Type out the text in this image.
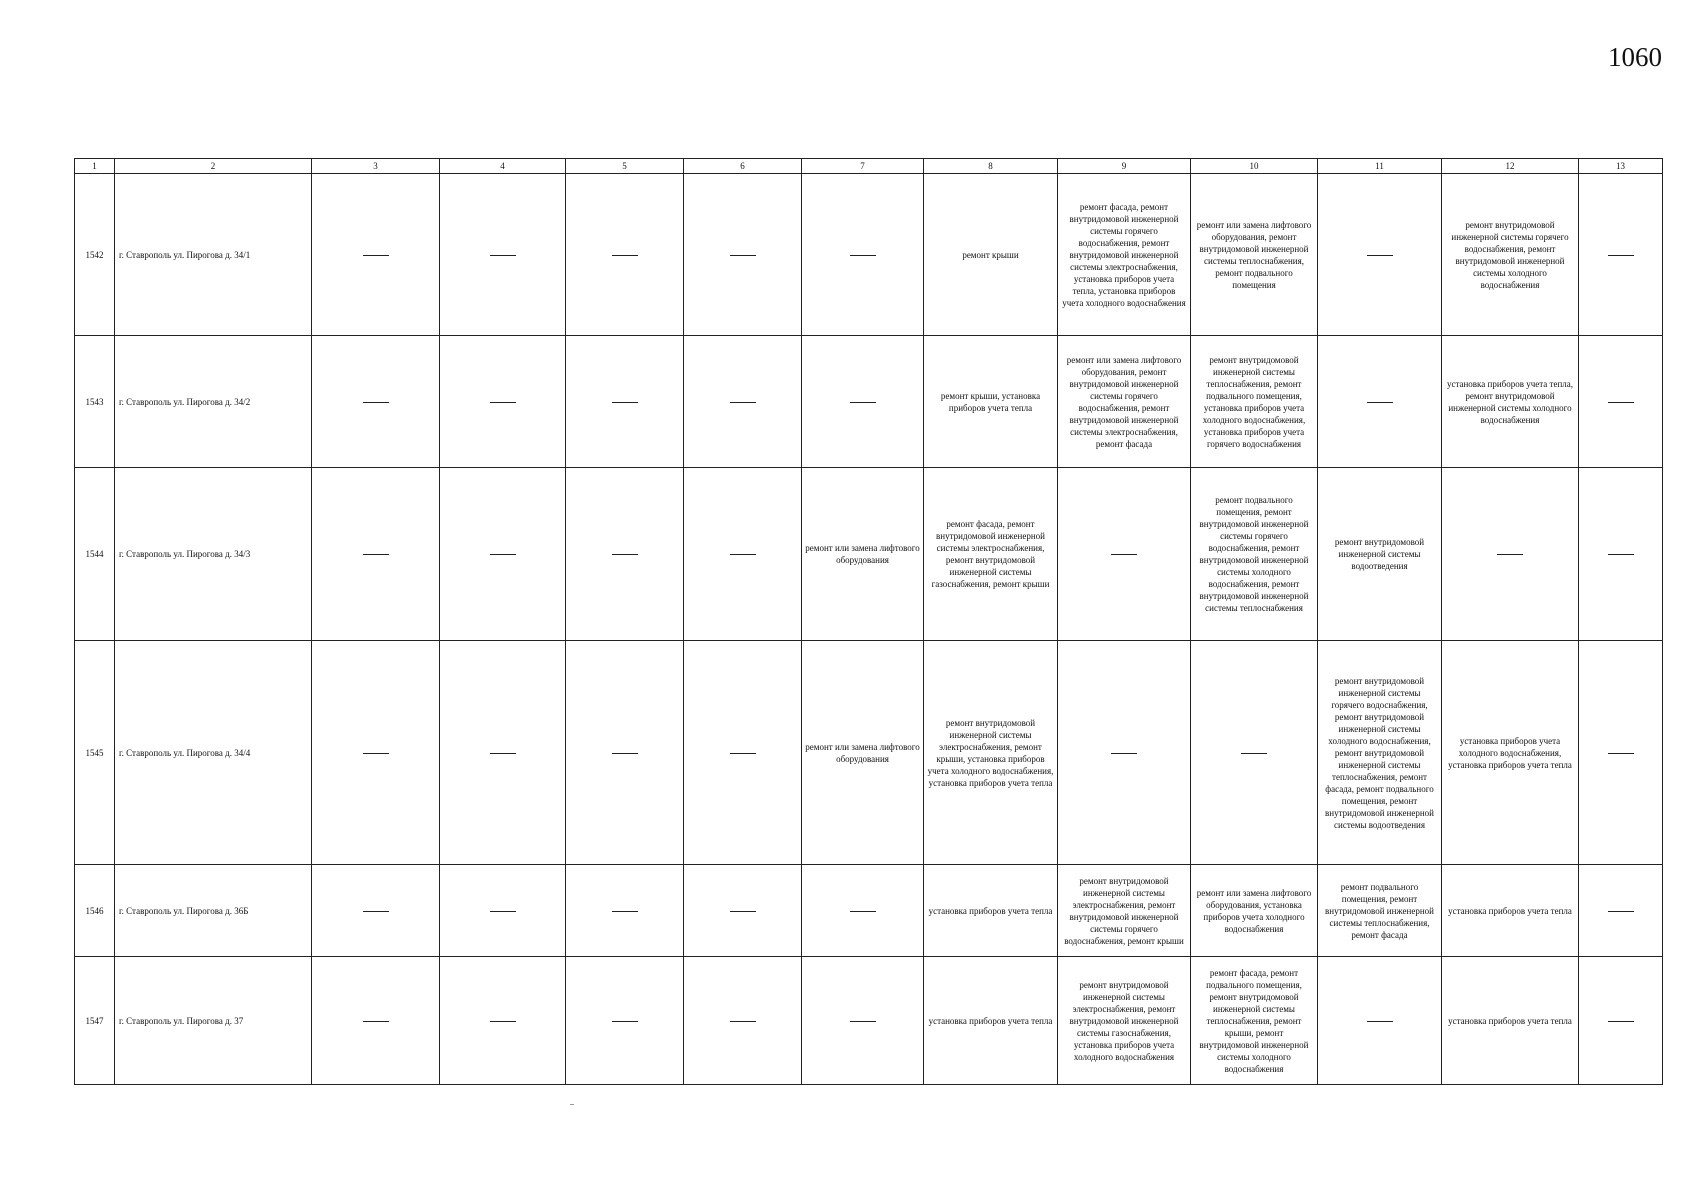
1060
1	2	3	4	5	6	7	8	9	10	11	12	13
1542	г. Ставрополь ул. Пирогова д. 34/1						ремонт крыши	ремонт фасада, ремонт внутридомовой инженерной системы горячего водоснабжения, ремонт внутридомовой инженерной системы электроснабжения, установка приборов учета тепла, установка приборов учета холодного водоснабжения	ремонт или замена лифтового оборудования, ремонт внутридомовой инженерной системы теплоснабжения, ремонт подвального помещения		ремонт внутридомовой инженерной системы горячего водоснабжения, ремонт внутридомовой инженерной системы холодного водоснабжения	
1543	г. Ставрополь ул. Пирогова д. 34/2						ремонт крыши, установка приборов учета тепла	ремонт или замена лифтового оборудования, ремонт внутридомовой инженерной системы горячего водоснабжения, ремонт внутридомовой инженерной системы электроснабжения, ремонт фасада	ремонт внутридомовой инженерной системы теплоснабжения, ремонт подвального помещения, установка приборов учета холодного водоснабжения, установка приборов учета горячего водоснабжения		установка приборов учета тепла, ремонт внутридомовой инженерной системы холодного водоснабжения	
1544	г. Ставрополь ул. Пирогова д. 34/3					ремонт или замена лифтового оборудования	ремонт фасада, ремонт внутридомовой инженерной системы электроснабжения, ремонт внутридомовой инженерной системы газоснабжения, ремонт крыши		ремонт подвального помещения, ремонт внутридомовой инженерной системы горячего водоснабжения, ремонт внутридомовой инженерной системы холодного водоснабжения, ремонт внутридомовой инженерной системы теплоснабжения	ремонт внутридомовой инженерной системы водоотведения		
1545	г. Ставрополь ул. Пирогова д. 34/4					ремонт или замена лифтового оборудования	ремонт внутридомовой инженерной системы электроснабжения, ремонт крыши, установка приборов учета холодного водоснабжения, установка приборов учета тепла			ремонт внутридомовой инженерной системы горячего водоснабжения, ремонт внутридомовой инженерной системы холодного водоснабжения, ремонт внутридомовой инженерной системы теплоснабжения, ремонт фасада, ремонт подвального помещения, ремонт внутридомовой инженерной системы водоотведения	установка приборов учета холодного водоснабжения, установка приборов учета тепла	
1546	г. Ставрополь ул. Пирогова д. 36Б						установка приборов учета тепла	ремонт внутридомовой инженерной системы электроснабжения, ремонт внутридомовой инженерной системы горячего водоснабжения, ремонт крыши	ремонт или замена лифтового оборудования, установка приборов учета холодного водоснабжения	ремонт подвального помещения, ремонт внутридомовой инженерной системы теплоснабжения, ремонт фасада	установка приборов учета тепла	
1547	г. Ставрополь ул. Пирогова д. 37						установка приборов учета тепла	ремонт внутридомовой инженерной системы электроснабжения, ремонт внутридомовой инженерной системы газоснабжения, установка приборов учета холодного водоснабжения	ремонт фасада, ремонт подвального помещения, ремонт внутридомовой инженерной системы теплоснабжения, ремонт крыши, ремонт внутридомовой инженерной системы холодного водоснабжения		установка приборов учета тепла	
